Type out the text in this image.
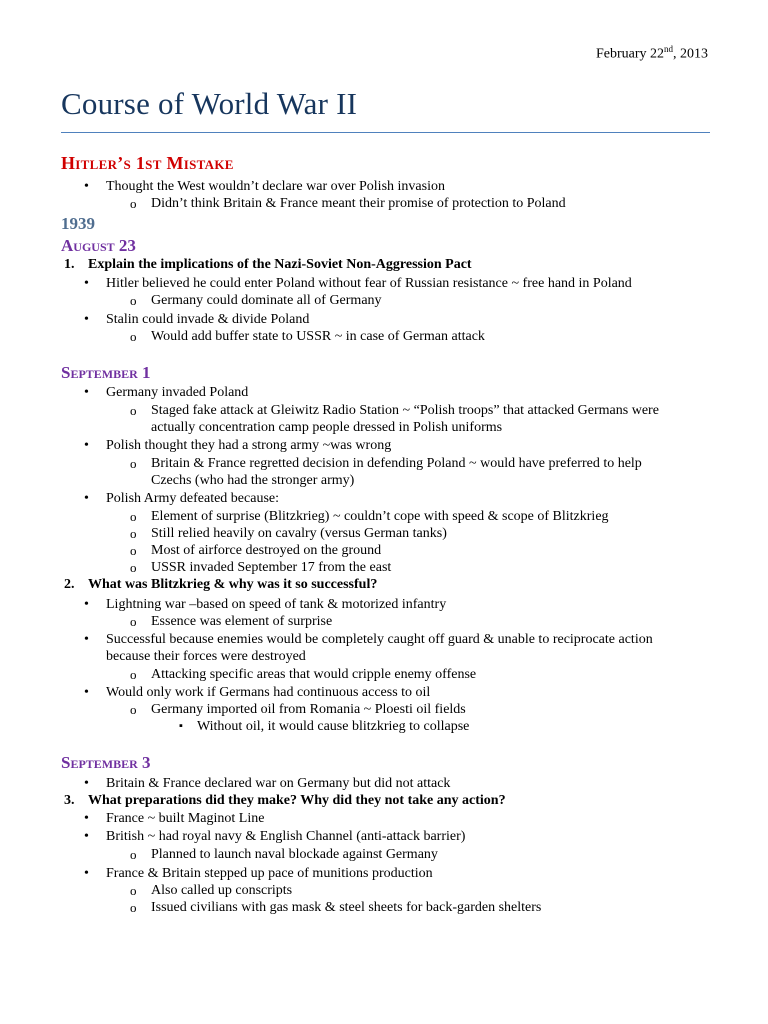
February 22nd, 2013
Course of World War II
Hitler’s 1st Mistake
• Thought the West wouldn’t declare war over Polish invasion
o Didn’t think Britain & France meant their promise of protection to Poland
1939
August 23
1. Explain the implications of the Nazi-Soviet Non-Aggression Pact
• Hitler believed he could enter Poland without fear of Russian resistance ~ free hand in Poland
o Germany could dominate all of Germany
• Stalin could invade & divide Poland
o Would add buffer state to USSR ~ in case of German attack
September 1
• Germany invaded Poland
o Staged fake attack at Gleiwitz Radio Station ~ “Polish troops” that attacked Germans were
actually concentration camp people dressed in Polish uniforms
• Polish thought they had a strong army ~was wrong
o Britain & France regretted decision in defending Poland ~ would have preferred to help
Czechs (who had the stronger army)
• Polish Army defeated because:
o Element of surprise (Blitzkrieg) ~ couldn’t cope with speed & scope of Blitzkrieg
o Still relied heavily on cavalry (versus German tanks)
o Most of airforce destroyed on the ground
o USSR invaded September 17 from the east
2. What was Blitzkrieg & why was it so successful?
• Lightning war –based on speed of tank & motorized infantry
o Essence was element of surprise
• Successful because enemies would be completely caught off guard & unable to reciprocate action
because their forces were destroyed
o Attacking specific areas that would cripple enemy offense
• Would only work if Germans had continuous access to oil
o Germany imported oil from Romania ~ Ploesti oil fields
▪ Without oil, it would cause blitzkrieg to collapse
September 3
• Britain & France declared war on Germany but did not attack
3. What preparations did they make? Why did they not take any action?
• France ~ built Maginot Line
• British ~ had royal navy & English Channel (anti-attack barrier)
o Planned to launch naval blockade against Germany
• France & Britain stepped up pace of munitions production
o Also called up conscripts
o Issued civilians with gas mask & steel sheets for back-garden shelters
